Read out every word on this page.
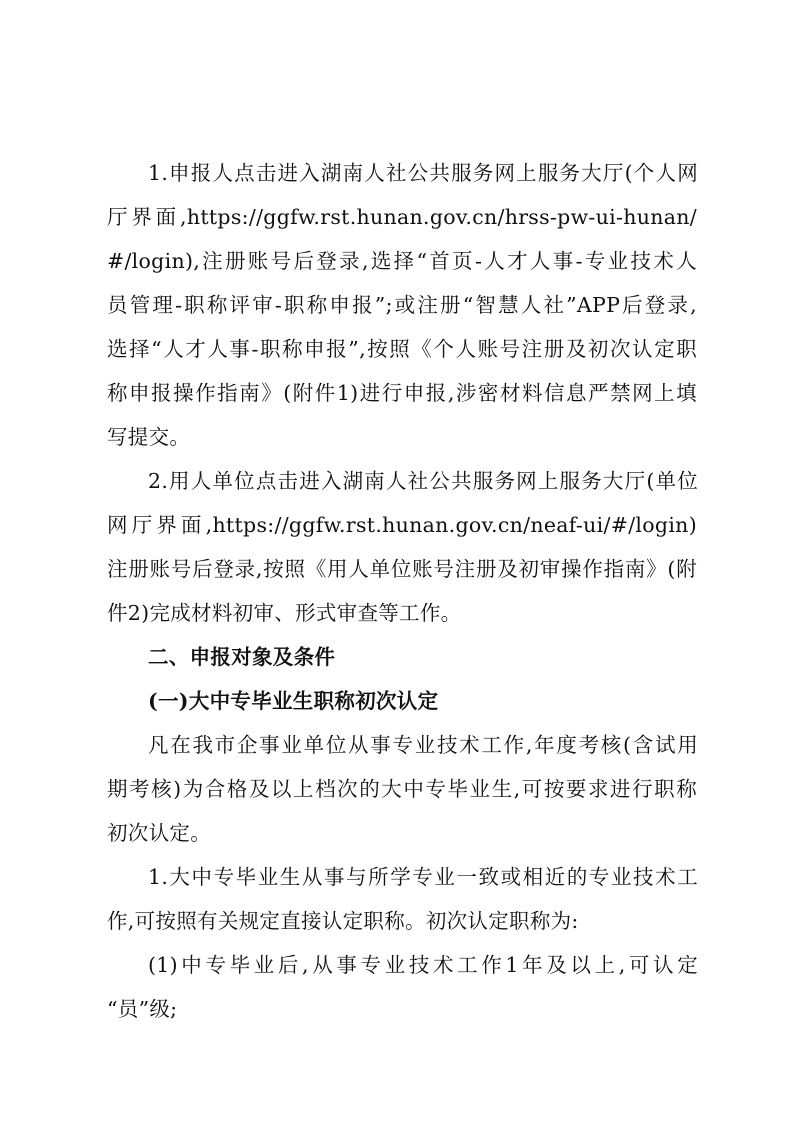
1.申报人点击进入湖南人社公共服务网上服务大厅(个人网
厅界面,https://ggfw.rst.hunan.gov.cn/hrss-pw-ui-hunan/
#/login),注册账号后登录,选择“首页-人才人事-专业技术人
员管理-职称评审-职称申报”;或注册“智慧人社”APP后登录,
选择“人才人事-职称申报”,按照《个人账号注册及初次认定职
称申报操作指南》(附件1)进行申报,涉密材料信息严禁网上填
写提交。
2.用人单位点击进入湖南人社公共服务网上服务大厅(单位
网厅界面,https://ggfw.rst.hunan.gov.cn/neaf-ui/#/login)
注册账号后登录,按照《用人单位账号注册及初审操作指南》(附
件2)完成材料初审、形式审查等工作。
二、申报对象及条件
(一)大中专毕业生职称初次认定
凡在我市企事业单位从事专业技术工作,年度考核(含试用
期考核)为合格及以上档次的大中专毕业生,可按要求进行职称
初次认定。
1.大中专毕业生从事与所学专业一致或相近的专业技术工
作,可按照有关规定直接认定职称。初次认定职称为:
(1)中专毕业后,从事专业技术工作1年及以上,可认定
“员”级;
